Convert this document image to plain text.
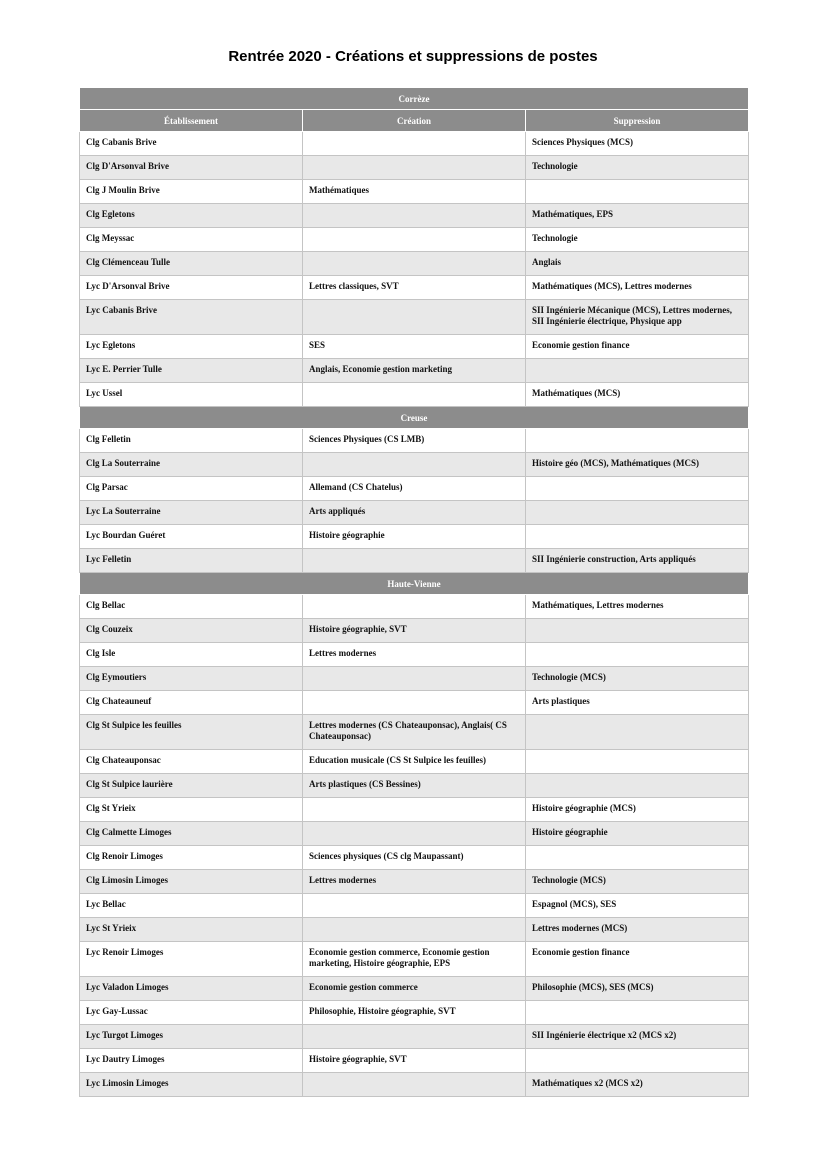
Rentrée 2020 - Créations et suppressions de postes
Corrèze		
Établissement	Création	Suppression
Clg Cabanis Brive		Sciences Physiques (MCS)
Clg D'Arsonval Brive		Technologie
Clg J Moulin Brive	Mathématiques	
Clg Egletons		Mathématiques, EPS
Clg Meyssac		Technologie
Clg Clémenceau Tulle		Anglais
Lyc D'Arsonval Brive	Lettres classiques, SVT	Mathématiques (MCS), Lettres modernes
Lyc Cabanis Brive		SII Ingénierie Mécanique (MCS), Lettres modernes, SII Ingénierie électrique, Physique app
Lyc Egletons	SES	Economie gestion finance
Lyc E. Perrier Tulle	Anglais, Economie gestion marketing	
Lyc Ussel		Mathématiques (MCS)
Creuse		
Clg Felletin	Sciences Physiques (CS LMB)	
Clg La Souterraine		Histoire géo (MCS), Mathématiques (MCS)
Clg Parsac	Allemand (CS Chatelus)	
Lyc La Souterraine	Arts appliqués	
Lyc Bourdan Guéret	Histoire géographie	
Lyc Felletin		SII Ingénierie construction, Arts appliqués
Haute-Vienne		
Clg Bellac		Mathématiques, Lettres modernes
Clg Couzeix	Histoire géographie, SVT	
Clg Isle	Lettres modernes	
Clg Eymoutiers		Technologie (MCS)
Clg Chateauneuf		Arts plastiques
Clg St Sulpice les feuilles	Lettres modernes (CS Chateauponsac), Anglais( CS Chateauponsac)	
Clg Chateauponsac	Education musicale (CS St Sulpice les feuilles)	
Clg St Sulpice laurière	Arts plastiques (CS Bessines)	
Clg St Yrieix		Histoire géographie (MCS)
Clg Calmette Limoges		Histoire géographie
Clg Renoir Limoges	Sciences physiques (CS clg Maupassant)	
Clg Limosin Limoges	Lettres modernes	Technologie (MCS)
Lyc Bellac		Espagnol (MCS), SES
Lyc St Yrieix		Lettres modernes (MCS)
Lyc Renoir Limoges	Economie gestion commerce, Economie gestion marketing, Histoire géographie, EPS	Economie gestion finance
Lyc Valadon Limoges	Economie gestion commerce	Philosophie (MCS), SES (MCS)
Lyc Gay-Lussac	Philosophie, Histoire géographie, SVT	
Lyc Turgot Limoges		SII Ingénierie électrique x2 (MCS x2)
Lyc Dautry Limoges	Histoire géographie, SVT	
Lyc Limosin Limoges		Mathématiques x2 (MCS x2)
